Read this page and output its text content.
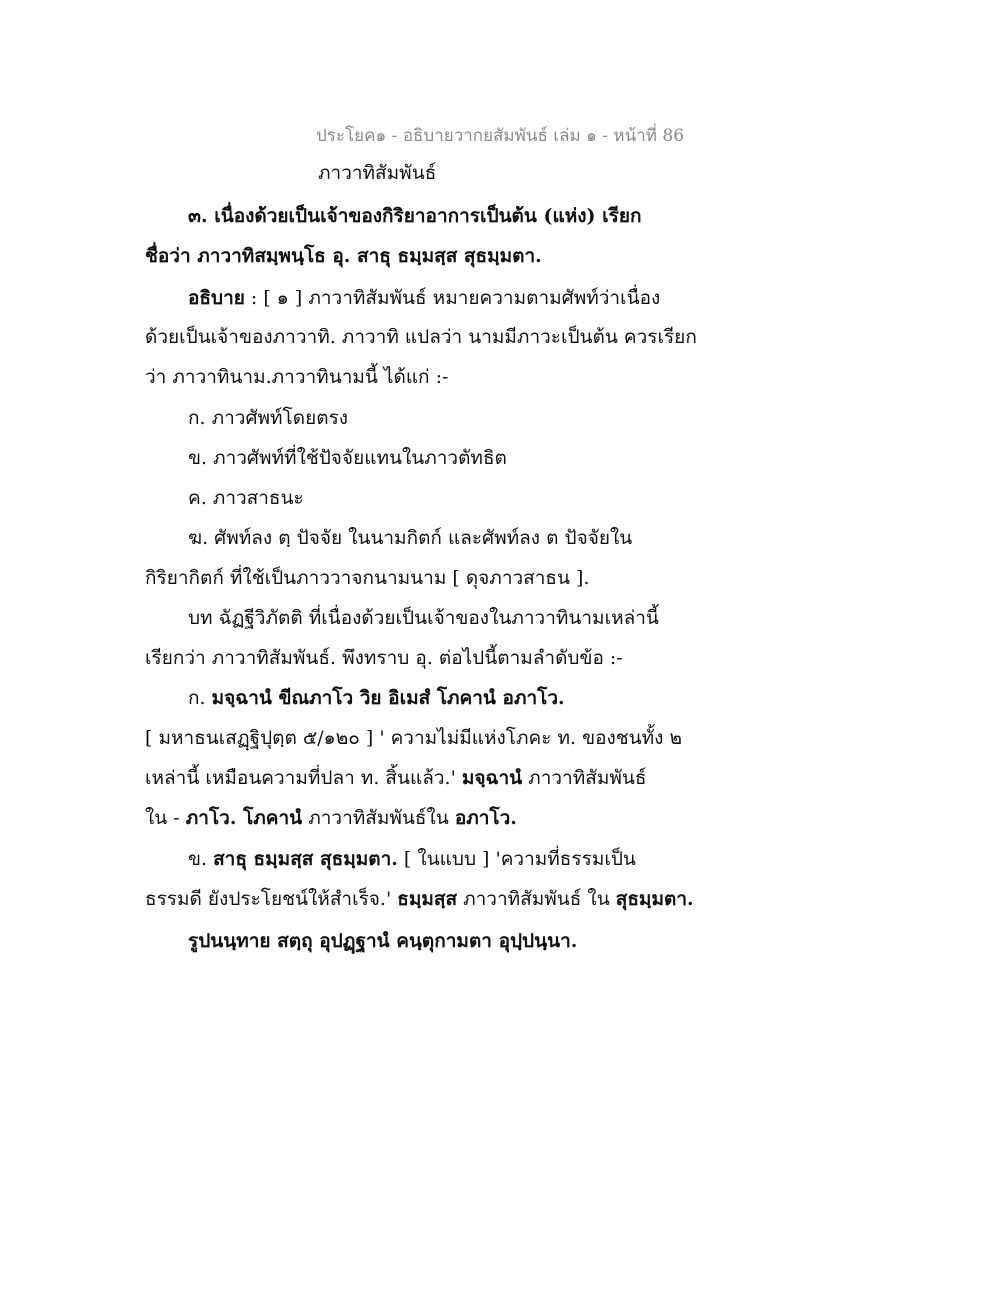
ประโยค๑ - อธิบายวากยสัมพันธ์ เล่ม ๑ - หน้าที่ 86
ภาวาทิสัมพันธ์
๓. เนื่องด้วยเป็นเจ้าของกิริยาอาการเป็นต้น (แห่ง) เรียก
ชื่อว่า ภาวาทิสมฺพนฺโธ อุ. สาธุ ธมฺมสฺส สุธมฺมตา.
อธิบาย : [ ๑ ] ภาวาทิสัมพันธ์ หมายความตามศัพท์ว่าเนื่อง
ด้วยเป็นเจ้าของภาวาทิ. ภาวาทิ แปลว่า นามมีภาวะเป็นต้น ควรเรียก
ว่า ภาวาทินาม.ภาวาทินามนี้ ได้แก่ :-
ก. ภาวศัพท์โดยตรง
ข. ภาวศัพท์ที่ใช้ปัจจัยแทนในภาวตัทธิต
ค. ภาวสาธนะ
ฆ. ศัพท์ลง ตฺ ปัจจัย ในนามกิตก์ และศัพท์ลง ต ปัจจัยใน
กิริยากิตก์ ที่ใช้เป็นภาววาจกนามนาม [ ดุจภาวสาธน ].
บท ฉัฏฐีวิภัตติ ที่เนื่องด้วยเป็นเจ้าของในภาวาทินามเหล่านี้
เรียกว่า ภาวาทิสัมพันธ์. พึงทราบ อุ. ต่อไปนี้ตามลำดับข้อ :-
ก. มจฺฉานํ ขีณภาโว วิย อิเมสํ โภคานํ อภาโว.
[ มหาธนเสฏฺฐิปุตฺต ๕/๑๒๐ ] ' ความไม่มีแห่งโภคะ ท. ของชนทั้ง ๒
เหล่านี้ เหมือนความที่ปลา ท. สิ้นแล้ว.' มจฺฉานํ ภาวาทิสัมพันธ์
ใน - ภาโว. โภคานํ ภาวาทิสัมพันธ์ใน อภาโว.
ข. สาธุ ธมฺมสฺส สุธมฺมตา. [ ในแบบ ] 'ความที่ธรรมเป็น
ธรรมดี ยังประโยชน์ให้สำเร็จ.' ธมฺมสฺส ภาวาทิสัมพันธ์ ใน สุธมฺมตา.
รูปนนฺทาย สตฺถุ อุปฏฺฐานํ คนฺตุกามตา อุปฺปนฺนา.
